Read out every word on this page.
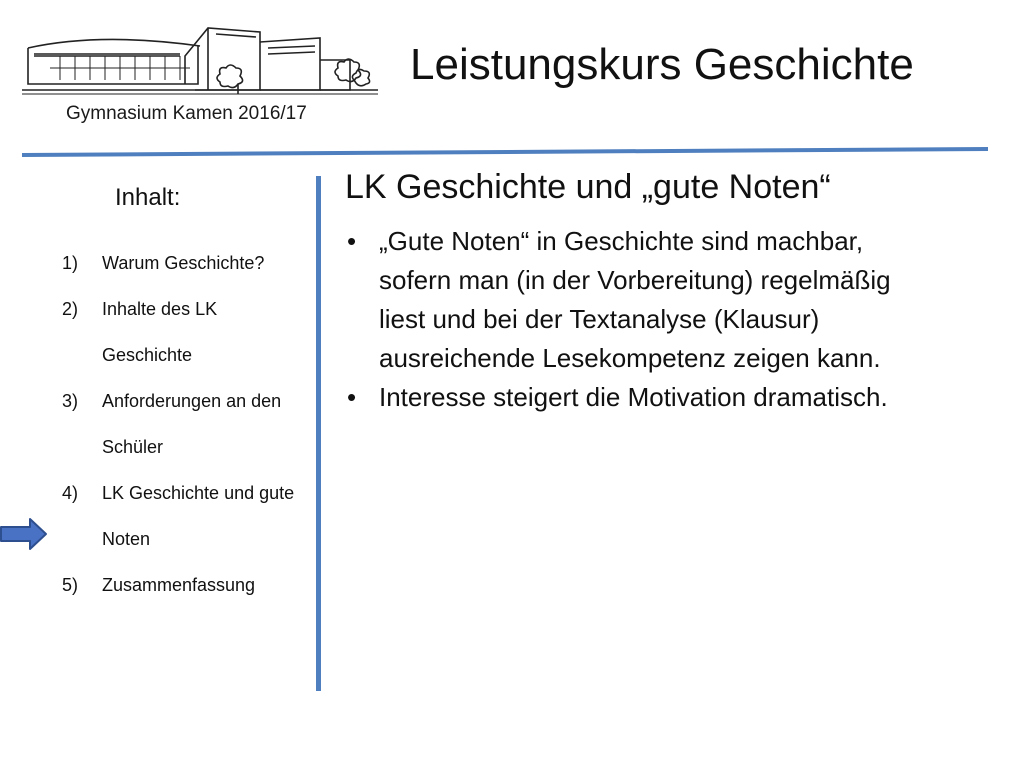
Gymnasium Kamen 2016/17
Leistungskurs Geschichte
Inhalt:
1) Warum Geschichte?
2) Inhalte des LK Geschichte
3) Anforderungen an den Schüler
4) LK Geschichte und gute Noten
5) Zusammenfassung
LK Geschichte und „gute Noten“
• „Gute Noten“ in Geschichte sind machbar, sofern man (in der Vorbereitung) regelmäßig liest und bei der Textanalyse (Klausur) ausreichende Lesekompetenz zeigen kann.
• Interesse steigert die Motivation dramatisch.
